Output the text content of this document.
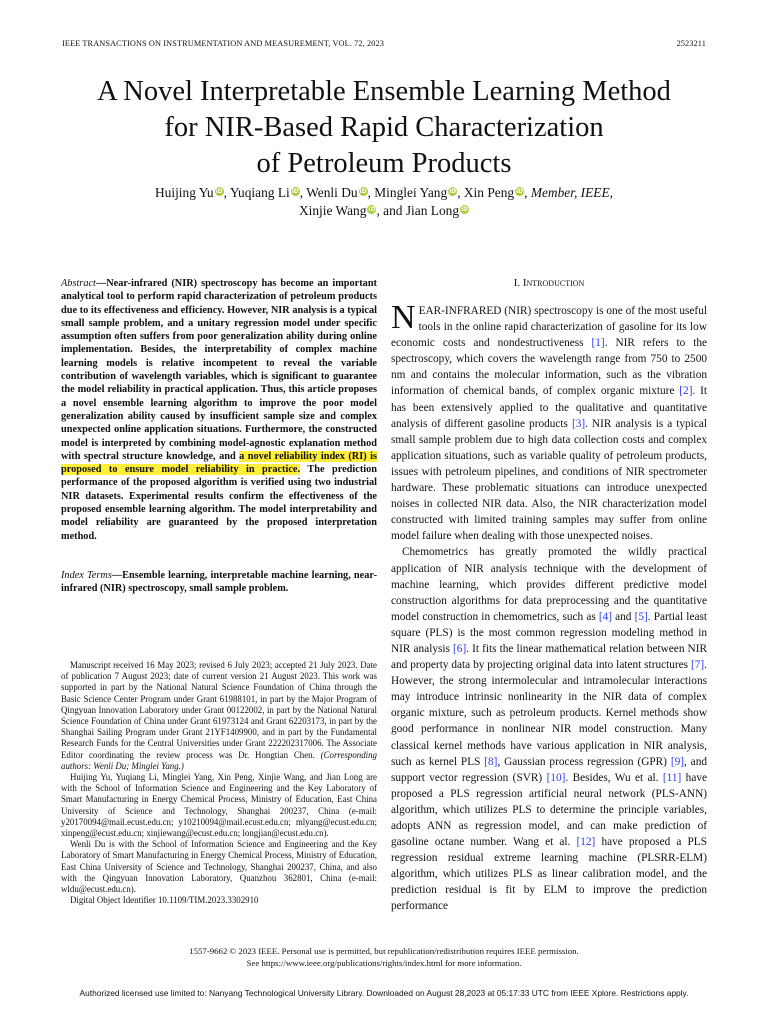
IEEE TRANSACTIONS ON INSTRUMENTATION AND MEASUREMENT, VOL. 72, 2023	2523211
A Novel Interpretable Ensemble Learning Method
for NIR-Based Rapid Characterization
of Petroleum Products
Huijing Yu iD, Yuqiang Li iD, Wenli Du iD, Minglei Yang iD, Xin Peng iD, Member, IEEE,
Xinjie Wang iD, and Jian Long iD
Abstract—Near-infrared (NIR) spectroscopy has become an important analytical tool to perform rapid characterization of petroleum products due to its effectiveness and efficiency. However, NIR analysis is a typical small sample problem, and a unitary regression model under specific assumption often suffers from poor generalization ability during online implementation. Besides, the interpretability of complex machine learning models is relative incompetent to reveal the variable contribution of wavelength variables, which is significant to guarantee the model reliability in practical application. Thus, this article proposes a novel ensemble learning algorithm to improve the poor model generalization ability caused by insufficient sample size and complex unexpected online application situations. Furthermore, the constructed model is interpreted by combining model-agnostic explanation method with spectral structure knowledge, and a novel reliability index (RI) is proposed to ensure model reliability in practice. The prediction performance of the proposed algorithm is verified using two industrial NIR datasets. Experimental results confirm the effectiveness of the proposed ensemble learning algorithm. The model interpretability and model reliability are guaranteed by the proposed interpretation method.
Index Terms—Ensemble learning, interpretable machine learning, near-infrared (NIR) spectroscopy, small sample problem.

Manuscript received 16 May 2023; revised 6 July 2023; accepted 21 July 2023. Date of publication 7 August 2023; date of current version 21 August 2023. This work was supported in part by the National Natural Science Foundation of China through the Basic Science Center Program under Grant 61988101, in part by the Major Program of Qingyuan Innovation Laboratory under Grant 00122002, in part by the National Natural Science Foundation of China under Grant 61973124 and Grant 62203173, in part by the Shanghai Sailing Program under Grant 21YF1409900, and in part by the Fundamental Research Funds for the Central Universities under Grant 222202317006. The Associate Editor coordinating the review process was Dr. Hongtian Chen. (Corresponding authors: Wenli Du; Minglei Yang.)

Huijing Yu, Yuqiang Li, Minglei Yang, Xin Peng, Xinjie Wang, and Jian Long are with the School of Information Science and Engineering and the Key Laboratory of Smart Manufacturing in Energy Chemical Process, Ministry of Education, East China University of Science and Technology, Shanghai 200237, China (e-mail: y20170094@mail.ecust.edu.cn; y10210094@mail.ecust.edu.cn; mlyang@ecust.edu.cn; xinpeng@ecust.edu.cn; xinjiewang@ecust.edu.cn; longjian@ecust.edu.cn).

Wenli Du is with the School of Information Science and Engineering and the Key Laboratory of Smart Manufacturing in Energy Chemical Process, Ministry of Education, East China University of Science and Technology, Shanghai 200237, China, and also with the Qingyuan Innovation Laboratory, Quanzhou 362801, China (e-mail: wldu@ecust.edu.cn).

Digital Object Identifier 10.1109/TIM.2023.3302910

I. Introduction

NEAR-INFRARED (NIR) spectroscopy is one of the most useful tools in the online rapid characterization of gasoline for its low economic costs and nondestructiveness [1]. NIR refers to the spectroscopy, which covers the wavelength range from 750 to 2500 nm and contains the molecular information, such as the vibration information of chemical bands, of complex organic mixture [2]. It has been extensively applied to the qualitative and quantitative analysis of different gasoline products [3]. NIR analysis is a typical small sample problem due to high data collection costs and complex application situations, such as variable quality of petroleum products, issues with petroleum pipelines, and conditions of NIR spectrometer hardware. These problematic situations can introduce unexpected noises in collected NIR data. Also, the NIR characterization model constructed with limited training samples may suffer from online model failure when dealing with those unexpected noises.

Chemometrics has greatly promoted the wildly practical application of NIR analysis technique with the development of machine learning, which provides different predictive model construction algorithms for data preprocessing and the quantitative model construction in chemometrics, such as [4] and [5]. Partial least square (PLS) is the most common regression modeling method in NIR analysis [6]. It fits the linear mathematical relation between NIR and property data by projecting original data into latent structures [7]. However, the strong intermolecular and intramolecular interactions may introduce intrinsic nonlinearity in the NIR data of complex organic mixture, such as petroleum products. Kernel methods show good performance in nonlinear NIR model construction. Many classical kernel methods have various application in NIR analysis, such as kernel PLS [8], Gaussian process regression (GPR) [9], and support vector regression (SVR) [10]. Besides, Wu et al. [11] have proposed a PLS regression artificial neural network (PLS-ANN) algorithm, which utilizes PLS to determine the principle variables, adopts ANN as regression model, and can make prediction of gasoline octane number. Wang et al. [12] have proposed a PLS regression residual extreme learning machine (PLSRR-ELM) algorithm, which utilizes PLS as linear calibration model, and the prediction residual is fit by ELM to improve the prediction performance

1557-9662 © 2023 IEEE. Personal use is permitted, but republication/redistribution requires IEEE permission.
See https://www.ieee.org/publications/rights/index.html for more information.
Authorized licensed use limited to: Nanyang Technological University Library. Downloaded on August 28,2023 at 05:17:33 UTC from IEEE Xplore. Restrictions apply.
